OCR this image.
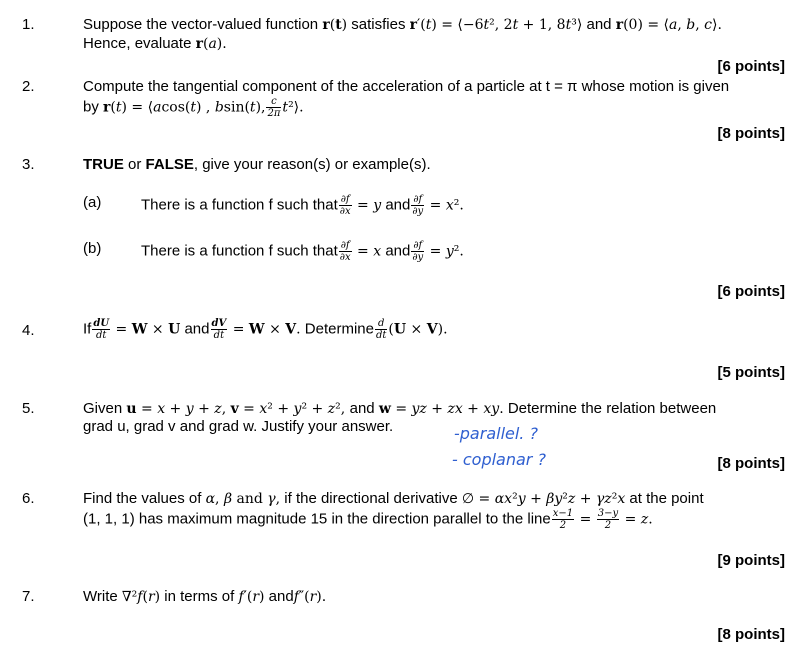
1.	Suppose the vector-valued function r(t) satisfies r′(t) = ⟨−6t², 2t + 1, 8t³⟩ and r(0) = ⟨a, b, c⟩.
Hence, evaluate r(a).
[6 points]
2.	Compute the tangential component of the acceleration of a particle at t = π whose motion is given
by r(t) = ⟨acos(t) , bsin(t), $\frac{c}{2\pi}$ t²⟩.
[8 points]
3.	TRUE or FALSE, give your reason(s) or example(s).
(a)	There is a function f such that $\frac{\partial f}{\partial x} = y$ and $\frac{\partial f}{\partial y} = x^2$.
(b)	There is a function f such that $\frac{\partial f}{\partial x} = x$ and $\frac{\partial f}{\partial y} = y^2$.
[6 points]
4.	If $\frac{dU}{dt} = W \times U$ and $\frac{dV}{dt} = W \times V$. Determine $\frac{d}{dt} (U \times V)$.
[5 points]
5.	Given u = x + y + z, v = x² + y² + z², and w = yz + zx + xy. Determine the relation between
grad u, grad v and grad w. Justify your answer.	-parallel. ?
- coplanar ?	[8 points]
6.	Find the values of α, β and γ, if the directional derivative ∅ = αx²y + βy²z + γz²x at the point
(1, 1, 1) has maximum magnitude 15 in the direction parallel to the line $\frac{x-1}{2} = \frac{3-y}{2} = z$.
[9 points]
7.	Write ∇²f(r) in terms of f′(r) andf″(r).
[8 points]
